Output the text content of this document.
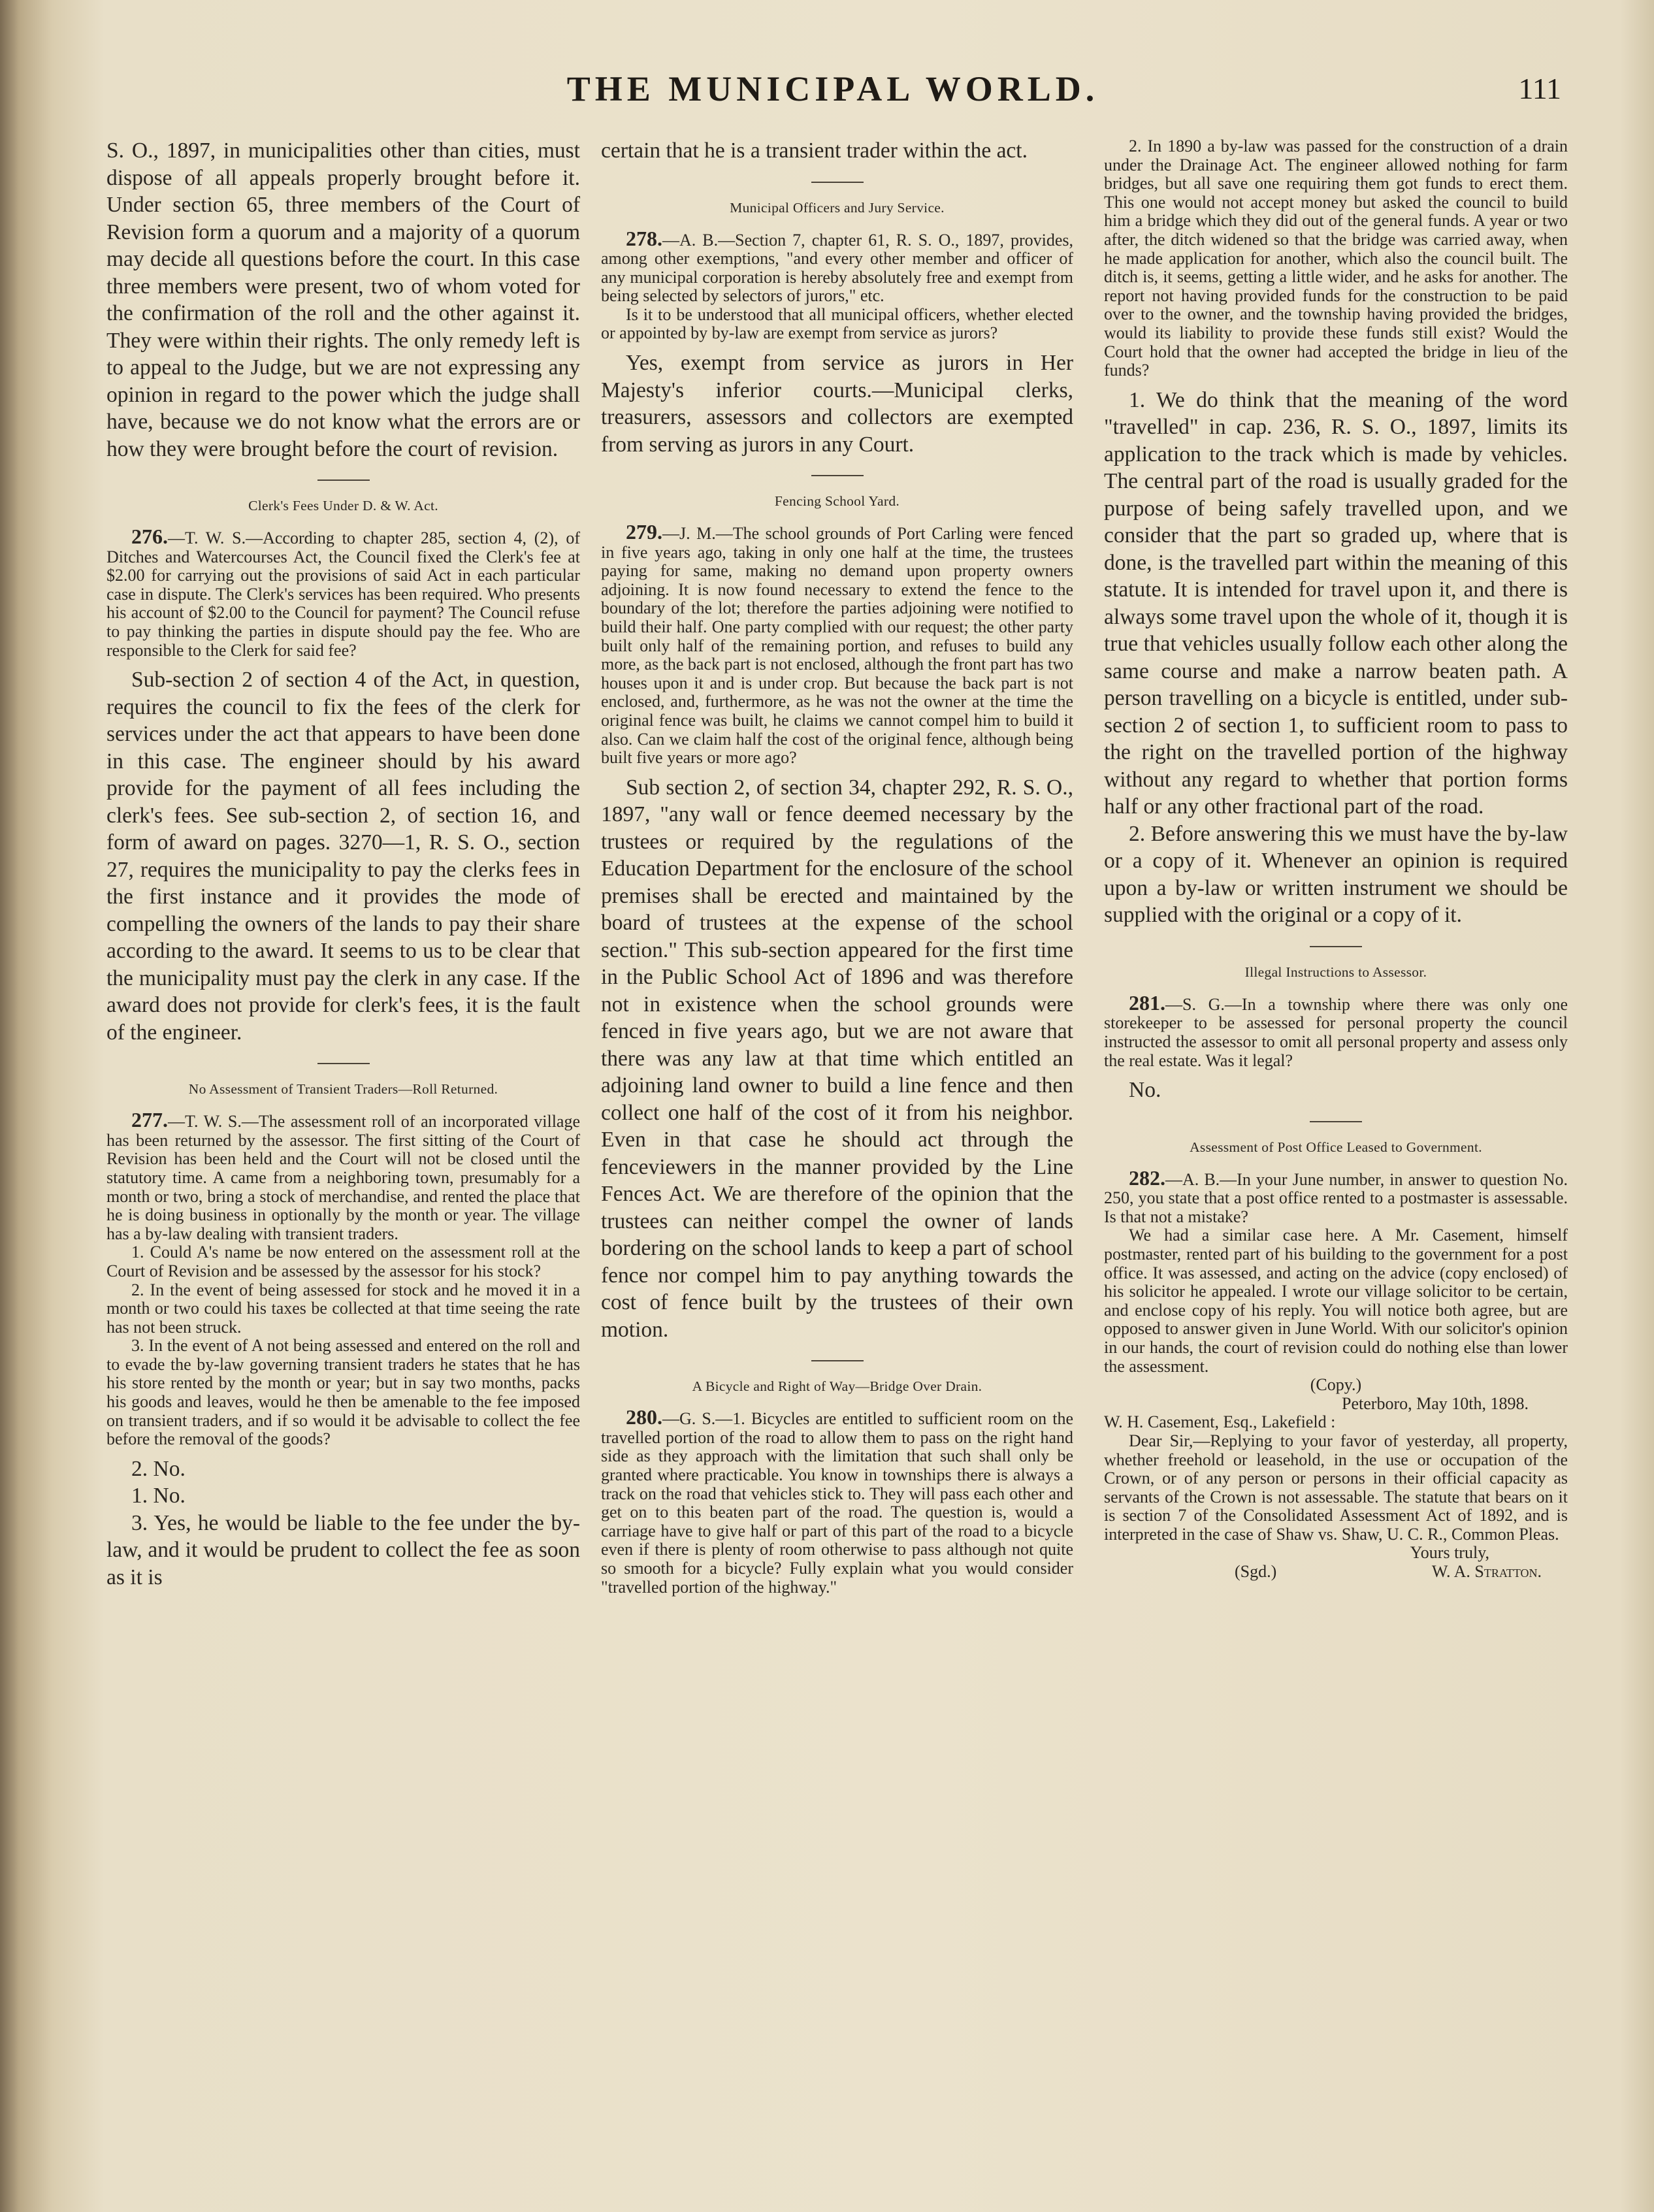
THE MUNICIPAL WORLD.	111

S. O., 1897, in municipalities other than cities, must dispose of all appeals properly brought before it. Under section 65, three members of the Court of Revision form a quorum and a majority of a quorum may decide all questions before the court. In this case three members were present, two of whom voted for the confirmation of the roll and the other against it. They were within their rights. The only remedy left is to appeal to the Judge, but we are not expressing any opinion in regard to the power which the judge shall have, because we do not know what the errors are or how they were brought before the court of revision.

Clerk's Fees Under D. & W. Act.

276.—T. W. S.—According to chapter 285, section 4, (2), of Ditches and Watercourses Act, the Council fixed the Clerk's fee at $2.00 for carrying out the provisions of said Act in each particular case in dispute. The Clerk's services has been required. Who presents his account of $2.00 to the Council for payment? The Council refuse to pay thinking the parties in dispute should pay the fee. Who are responsible to the Clerk for said fee?

Sub-section 2 of section 4 of the Act, in question, requires the council to fix the fees of the clerk for services under the act that appears to have been done in this case. The engineer should by his award provide for the payment of all fees including the clerk's fees. See sub-section 2, of section 16, and form of award on pages. 3270—1, R. S. O., section 27, requires the municipality to pay the clerks fees in the first instance and it provides the mode of compelling the owners of the lands to pay their share according to the award. It seems to us to be clear that the municipality must pay the clerk in any case. If the award does not provide for clerk's fees, it is the fault of the engineer.

No Assessment of Transient Traders—Roll Returned.

277.—T. W. S.—The assessment roll of an incorporated village has been returned by the assessor. The first sitting of the Court of Revision has been held and the Court will not be closed until the statutory time. A came from a neighboring town, presumably for a month or two, bring a stock of merchandise, and rented the place that he is doing business in optionally by the month or year. The village has a by-law dealing with transient traders.

1. Could A's name be now entered on the assessment roll at the Court of Revision and be assessed by the assessor for his stock?

2. In the event of being assessed for stock and he moved it in a month or two could his taxes be collected at that time seeing the rate has not been struck.

3. In the event of A not being assessed and entered on the roll and to evade the by-law governing transient traders he states that he has his store rented by the month or year; but in say two months, packs his goods and leaves, would he then be amenable to the fee imposed on transient traders, and if so would it be advisable to collect the fee before the removal of the goods?

2. No.

1. No.

3. Yes, he would be liable to the fee under the by-law, and it would be prudent to collect the fee as soon as it is

certain that he is a transient trader within the act.

Municipal Officers and Jury Service.

278.—A. B.—Section 7, chapter 61, R. S. O., 1897, provides, among other exemptions, "and every other member and officer of any municipal corporation is hereby absolutely free and exempt from being selected by selectors of jurors," etc.

Is it to be understood that all municipal officers, whether elected or appointed by by-law are exempt from service as jurors?

Yes, exempt from service as jurors in Her Majesty's inferior courts.—Municipal clerks, treasurers, assessors and collectors are exempted from serving as jurors in any Court.

Fencing School Yard.

279.—J. M.—The school grounds of Port Carling were fenced in five years ago, taking in only one half at the time, the trustees paying for same, making no demand upon property owners adjoining. It is now found necessary to extend the fence to the boundary of the lot; therefore the parties adjoining were notified to build their half. One party complied with our request; the other party built only half of the remaining portion, and refuses to build any more, as the back part is not enclosed, although the front part has two houses upon it and is under crop. But because the back part is not enclosed, and, furthermore, as he was not the owner at the time the original fence was built, he claims we cannot compel him to build it also. Can we claim half the cost of the original fence, although being built five years or more ago?

Sub section 2, of section 34, chapter 292, R. S. O., 1897, "any wall or fence deemed necessary by the trustees or required by the regulations of the Education Department for the enclosure of the school premises shall be erected and maintained by the board of trustees at the expense of the school section." This sub-section appeared for the first time in the Public School Act of 1896 and was therefore not in existence when the school grounds were fenced in five years ago, but we are not aware that there was any law at that time which entitled an adjoining land owner to build a line fence and then collect one half of the cost of it from his neighbor. Even in that case he should act through the fenceviewers in the manner provided by the Line Fences Act. We are therefore of the opinion that the trustees can neither compel the owner of lands bordering on the school lands to keep a part of school fence nor compel him to pay anything towards the cost of fence built by the trustees of their own motion.

A Bicycle and Right of Way—Bridge Over Drain.

280.—G. S.—1. Bicycles are entitled to sufficient room on the travelled portion of the road to allow them to pass on the right hand side as they approach with the limitation that such shall only be granted where practicable. You know in townships there is always a track on the road that vehicles stick to. They will pass each other and get on to this beaten part of the road. The question is, would a carriage have to give half or part of this part of the road to a bicycle even if there is plenty of room otherwise to pass although not quite so smooth for a bicycle? Fully explain what you would consider "travelled portion of the highway."

2. In 1890 a by-law was passed for the construction of a drain under the Drainage Act. The engineer allowed nothing for farm bridges, but all save one requiring them got funds to erect them. This one would not accept money but asked the council to build him a bridge which they did out of the general funds. A year or two after, the ditch widened so that the bridge was carried away, when he made application for another, which also the council built. The ditch is, it seems, getting a little wider, and he asks for another. The report not having provided funds for the construction to be paid over to the owner, and the township having provided the bridges, would its liability to provide these funds still exist? Would the Court hold that the owner had accepted the bridge in lieu of the funds?

1. We do think that the meaning of the word "travelled" in cap. 236, R. S. O., 1897, limits its application to the track which is made by vehicles. The central part of the road is usually graded for the purpose of being safely travelled upon, and we consider that the part so graded up, where that is done, is the travelled part within the meaning of this statute. It is intended for travel upon it, and there is always some travel upon the whole of it, though it is true that vehicles usually follow each other along the same course and make a narrow beaten path. A person travelling on a bicycle is entitled, under sub-section 2 of section 1, to sufficient room to pass to the right on the travelled portion of the highway without any regard to whether that portion forms half or any other fractional part of the road.

2. Before answering this we must have the by-law or a copy of it. Whenever an opinion is required upon a by-law or written instrument we should be supplied with the original or a copy of it.

Illegal Instructions to Assessor.

281.—S. G.—In a township where there was only one storekeeper to be assessed for personal property the council instructed the assessor to omit all personal property and assess only the real estate. Was it legal?

No.

Assessment of Post Office Leased to Government.

282.—A. B.—In your June number, in answer to question No. 250, you state that a post office rented to a postmaster is assessable. Is that not a mistake?

We had a similar case here. A Mr. Casement, himself postmaster, rented part of his building to the government for a post office. It was assessed, and acting on the advice (copy enclosed) of his solicitor he appealed. I wrote our village solicitor to be certain, and enclose copy of his reply. You will notice both agree, but are opposed to answer given in June World. With our solicitor's opinion in our hands, the court of revision could do nothing else than lower the assessment.

(Copy.)

Peterboro, May 10th, 1898.

W. H. Casement, Esq., Lakefield :

Dear Sir,—Replying to your favor of yesterday, all property, whether freehold or leasehold, in the use or occupation of the Crown, or of any person or persons in their official capacity as servants of the Crown is not assessable. The statute that bears on it is section 7 of the Consolidated Assessment Act of 1892, and is interpreted in the case of Shaw vs. Shaw, U. C. R., Common Pleas.

Yours truly,

(Sgd.)	W. A. Stratton.
